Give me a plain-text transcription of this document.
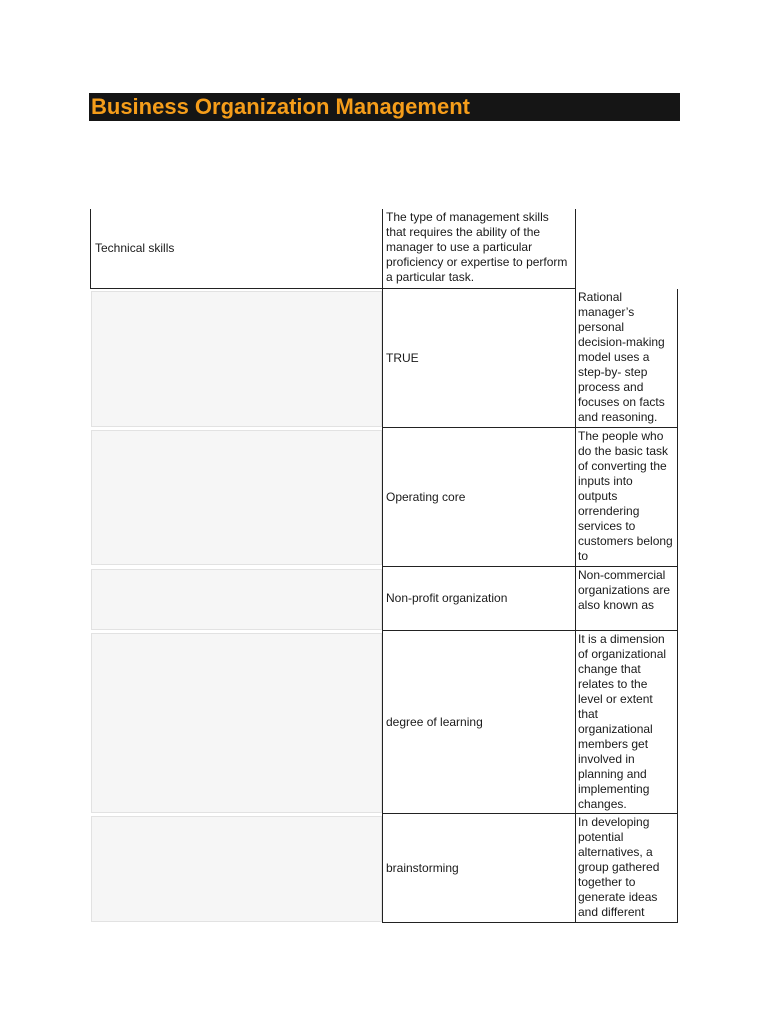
Business Organization Management
Technical skills
The type of management skills that requires the ability of the manager to use a particular proficiency or expertise to perform a particular task.
TRUE
Rational manager’s personal decision-making model uses a step-by- step process and focuses on facts and reasoning.
Operating core
The people who do the basic task of converting the inputs into outputs orrendering services to customers belong to
Non-profit organization
Non-commercial organizations are also known as
degree of learning
It is a dimension of organizational change that relates to the level or extent that organizational members get involved in planning and implementing changes.
brainstorming
In developing potential alternatives, a group gathered together to generate ideas and different
